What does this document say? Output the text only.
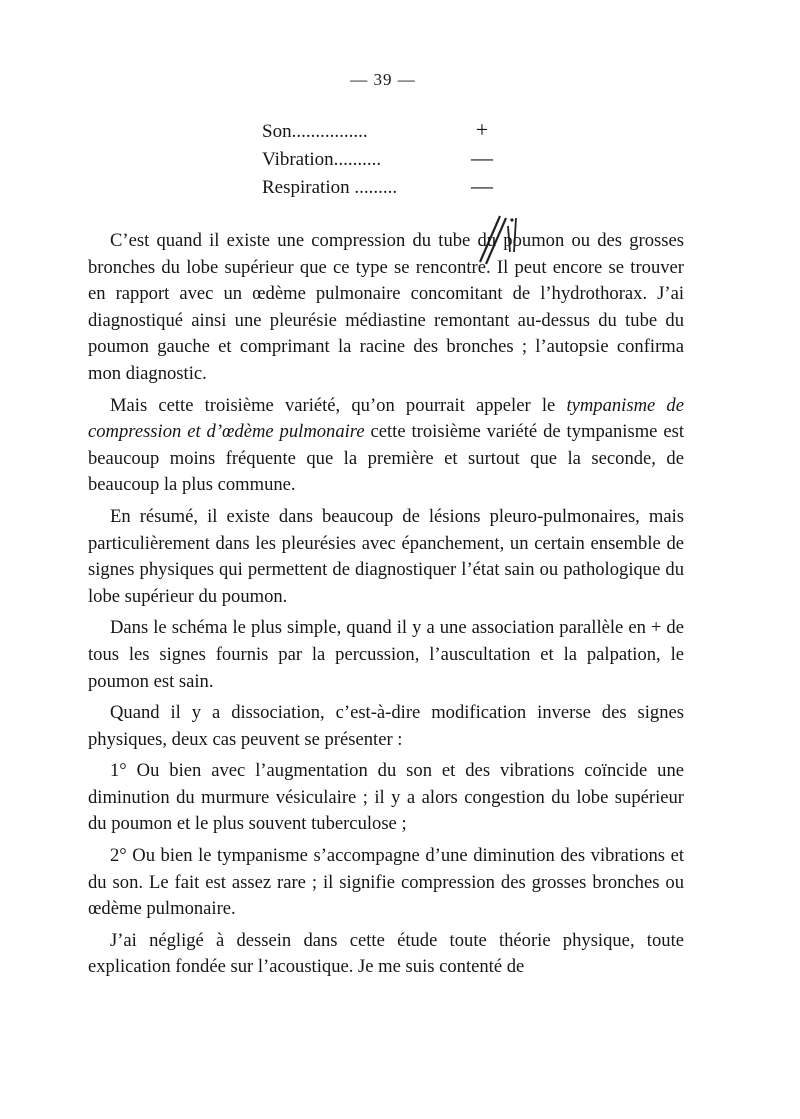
— 39 —
Son................	+
Vibration..........	—
Respiration .........	—

C’est quand il existe une compression du tube du poumon ou des grosses bronches du lobe supérieur que ce type se rencontre. Il peut encore se trouver en rapport avec un œdème pulmonaire concomitant de l’hydrothorax. J’ai diagnostiqué ainsi une pleurésie médiastine remontant au-dessus du tube du poumon gauche et comprimant la racine des bronches ; l’autopsie confirma mon diagnostic.

Mais cette troisième variété, qu’on pourrait appeler le tympanisme de compression et d’œdème pulmonaire cette troisième variété de tympanisme est beaucoup moins fréquente que la première et surtout que la seconde, de beaucoup la plus commune.

En résumé, il existe dans beaucoup de lésions pleuro-pulmonaires, mais particulièrement dans les pleurésies avec épanchement, un certain ensemble de signes physiques qui permettent de diagnostiquer l’état sain ou pathologique du lobe supérieur du poumon.

Dans le schéma le plus simple, quand il y a une association parallèle en + de tous les signes fournis par la percussion, l’auscultation et la palpation, le poumon est sain.

Quand il y a dissociation, c’est-à-dire modification inverse des signes physiques, deux cas peuvent se présenter :

1° Ou bien avec l’augmentation du son et des vibrations coïncide une diminution du murmure vésiculaire ; il y a alors congestion du lobe supérieur du poumon et le plus souvent tuberculose ;

2° Ou bien le tympanisme s’accompagne d’une diminution des vibrations et du son. Le fait est assez rare ; il signifie compression des grosses bronches ou œdème pulmonaire.

J’ai négligé à dessein dans cette étude toute théorie physique, toute explication fondée sur l’acoustique. Je me suis contenté de
